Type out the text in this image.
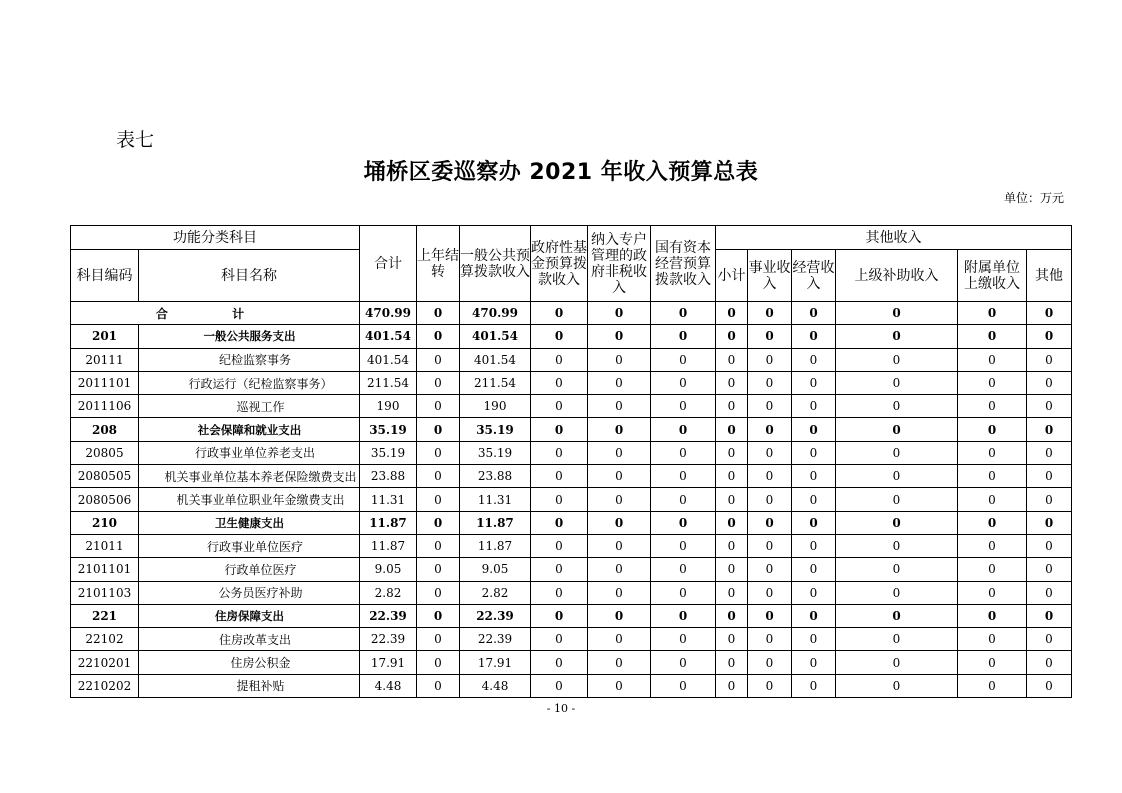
表七
埇桥区委巡察办 2021 年收入预算总表
单位：万元
功能分类科目		合计	上年结转	一般公共预算拨款收入	政府性基金预算拨款收入	纳入专户管理的政府非税收入	国有资本经营预算拨款收入	其他收入					
科目编码	科目名称							小计	事业收入	经营收入	上级补助收入	附属单位上缴收入	其他
合 计		470.99	0	470.99	0	0	0	0	0	0	0	0	0
201	一般公共服务支出	401.54	0	401.54	0	0	0	0	0	0	0	0	0
20111	纪检监察事务	401.54	0	401.54	0	0	0	0	0	0	0	0	0
2011101	行政运行（纪检监察事务）	211.54	0	211.54	0	0	0	0	0	0	0	0	0
2011106	巡视工作	190	0	190	0	0	0	0	0	0	0	0	0
208	社会保障和就业支出	35.19	0	35.19	0	0	0	0	0	0	0	0	0
20805	行政事业单位养老支出	35.19	0	35.19	0	0	0	0	0	0	0	0	0
2080505	机关事业单位基本养老保险缴费支出	23.88	0	23.88	0	0	0	0	0	0	0	0	0
2080506	机关事业单位职业年金缴费支出	11.31	0	11.31	0	0	0	0	0	0	0	0	0
210	卫生健康支出	11.87	0	11.87	0	0	0	0	0	0	0	0	0
21011	行政事业单位医疗	11.87	0	11.87	0	0	0	0	0	0	0	0	0
2101101	行政单位医疗	9.05	0	9.05	0	0	0	0	0	0	0	0	0
2101103	公务员医疗补助	2.82	0	2.82	0	0	0	0	0	0	0	0	0
221	住房保障支出	22.39	0	22.39	0	0	0	0	0	0	0	0	0
22102	住房改革支出	22.39	0	22.39	0	0	0	0	0	0	0	0	0
2210201	住房公积金	17.91	0	17.91	0	0	0	0	0	0	0	0	0
2210202	提租补贴	4.48	0	4.48	0	0	0	0	0	0	0	0	0
- 10 -
